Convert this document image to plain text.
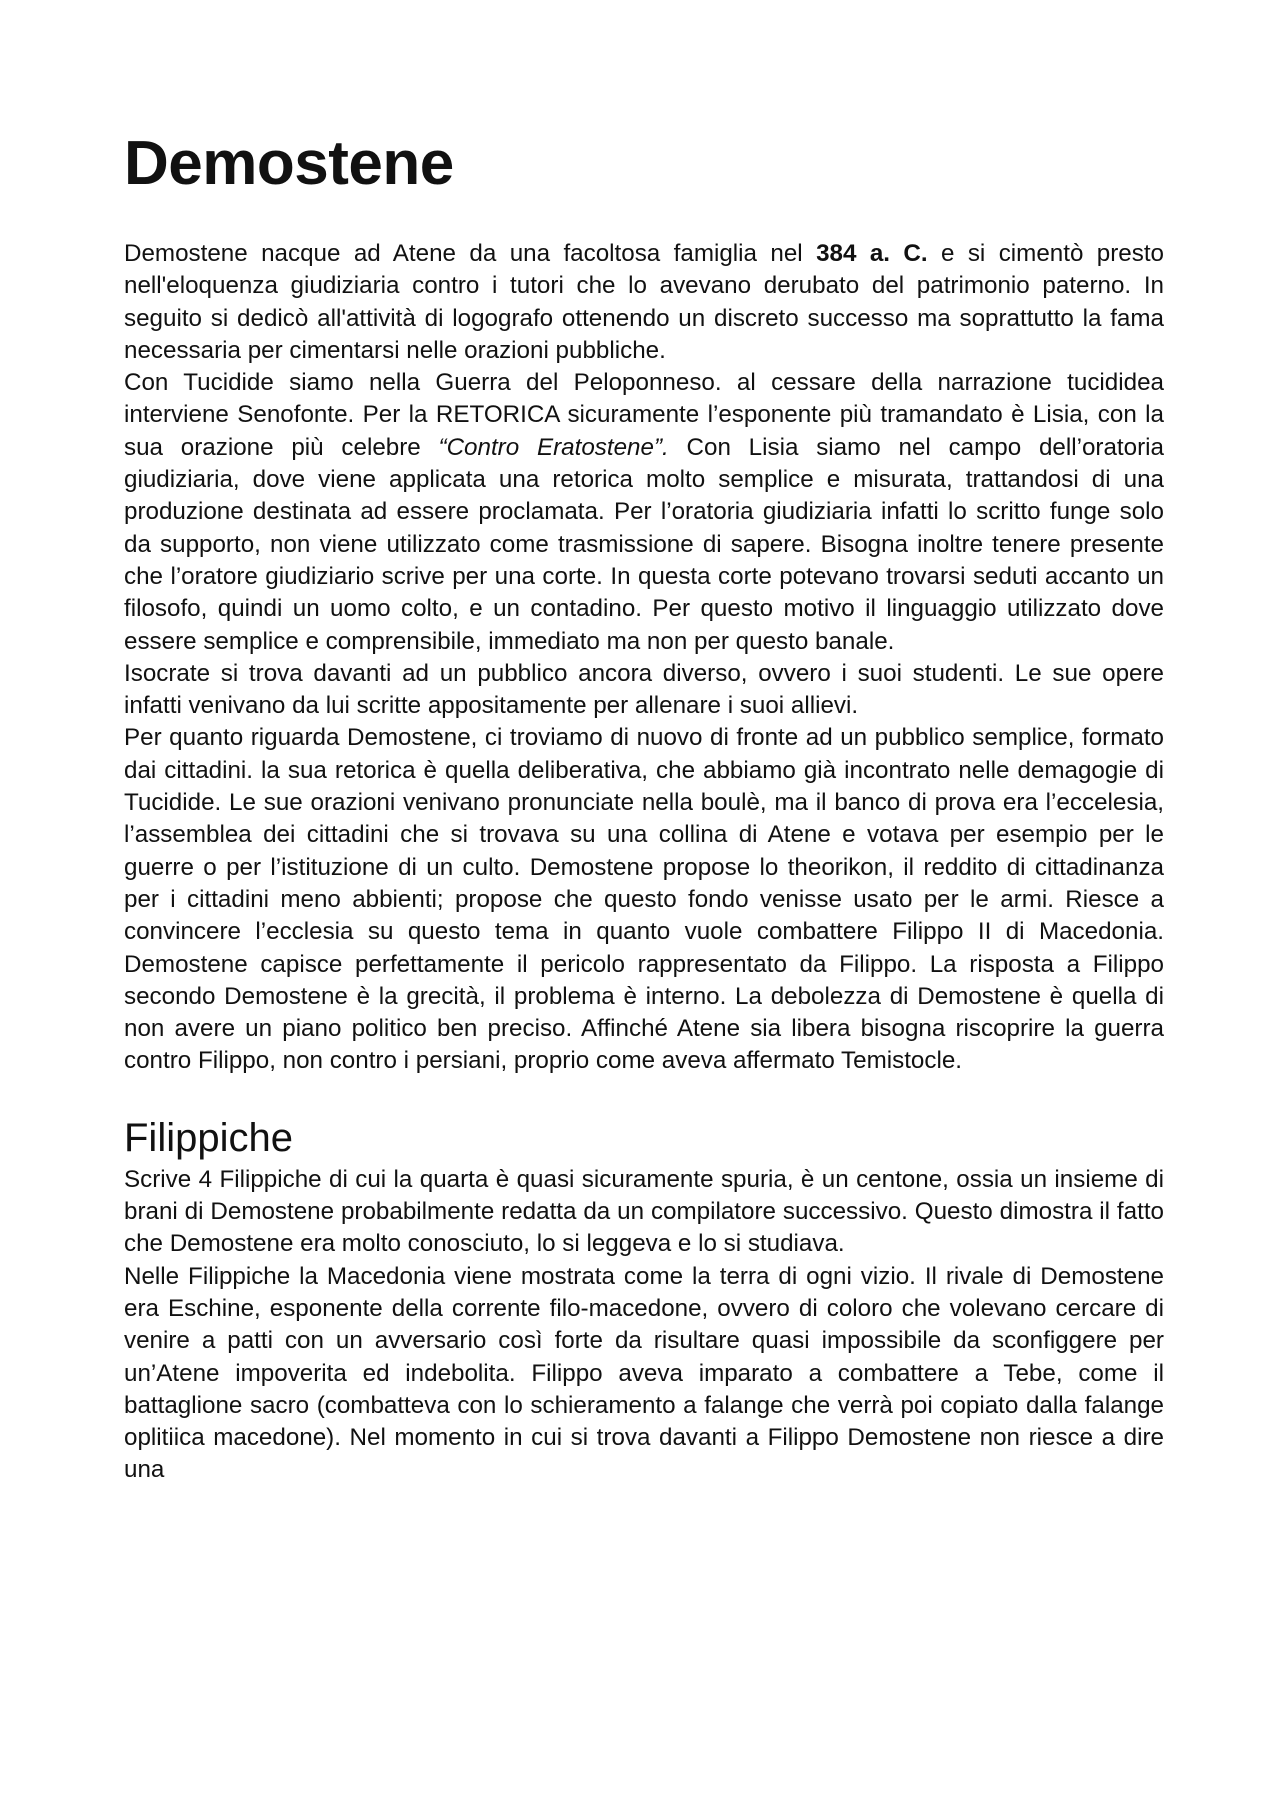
Demostene

Demostene nacque ad Atene da una facoltosa famiglia nel 384 a. C. e si cimentò presto nell'eloquenza giudiziaria contro i tutori che lo avevano derubato del patrimonio paterno. In seguito si dedicò all'attività di logografo ottenendo un discreto successo ma soprattutto la fama necessaria per cimentarsi nelle orazioni pubbliche.

Con Tucidide siamo nella Guerra del Peloponneso. al cessare della narrazione tucididea interviene Senofonte. Per la RETORICA sicuramente l’esponente più tramandato è Lisia, con la sua orazione più celebre “Contro Eratostene”. Con Lisia siamo nel campo dell’oratoria giudiziaria, dove viene applicata una retorica molto semplice e misurata, trattandosi di una produzione destinata ad essere proclamata. Per l’oratoria giudiziaria infatti lo scritto funge solo da supporto, non viene utilizzato come trasmissione di sapere. Bisogna inoltre tenere presente che l’oratore giudiziario scrive per una corte. In questa corte potevano trovarsi seduti accanto un filosofo, quindi un uomo colto, e un contadino. Per questo motivo il linguaggio utilizzato dove essere semplice e comprensibile, immediato ma non per questo banale.

Isocrate si trova davanti ad un pubblico ancora diverso, ovvero i suoi studenti. Le sue opere infatti venivano da lui scritte appositamente per allenare i suoi allievi.

Per quanto riguarda Demostene, ci troviamo di nuovo di fronte ad un pubblico semplice, formato dai cittadini. la sua retorica è quella deliberativa, che abbiamo già incontrato nelle demagogie di Tucidide. Le sue orazioni venivano pronunciate nella boulè, ma il banco di prova era l’eccelesia, l’assemblea dei cittadini che si trovava su una collina di Atene e votava per esempio per le guerre o per l’istituzione di un culto. Demostene propose lo theorikon, il reddito di cittadinanza per i cittadini meno abbienti; propose che questo fondo venisse usato per le armi. Riesce a convincere l’ecclesia su questo tema in quanto vuole combattere Filippo II di Macedonia. Demostene capisce perfettamente il pericolo rappresentato da Filippo. La risposta a Filippo secondo Demostene è la grecità, il problema è interno. La debolezza di Demostene è quella di non avere un piano politico ben preciso. Affinché Atene sia libera bisogna riscoprire la guerra contro Filippo, non contro i persiani, proprio come aveva affermato Temistocle.

Filippiche

Scrive 4 Filippiche di cui la quarta è quasi sicuramente spuria, è un centone, ossia un insieme di brani di Demostene probabilmente redatta da un compilatore successivo. Questo dimostra il fatto che Demostene era molto conosciuto, lo si leggeva e lo si studiava.

Nelle Filippiche la Macedonia viene mostrata come la terra di ogni vizio. Il rivale di Demostene era Eschine, esponente della corrente filo-macedone, ovvero di coloro che volevano cercare di venire a patti con un avversario così forte da risultare quasi impossibile da sconfiggere per un’Atene impoverita ed indebolita. Filippo aveva imparato a combattere a Tebe, come il battaglione sacro (combatteva con lo schieramento a falange che verrà poi copiato dalla falange oplitiica macedone). Nel momento in cui si trova davanti a Filippo Demostene non riesce a dire una
